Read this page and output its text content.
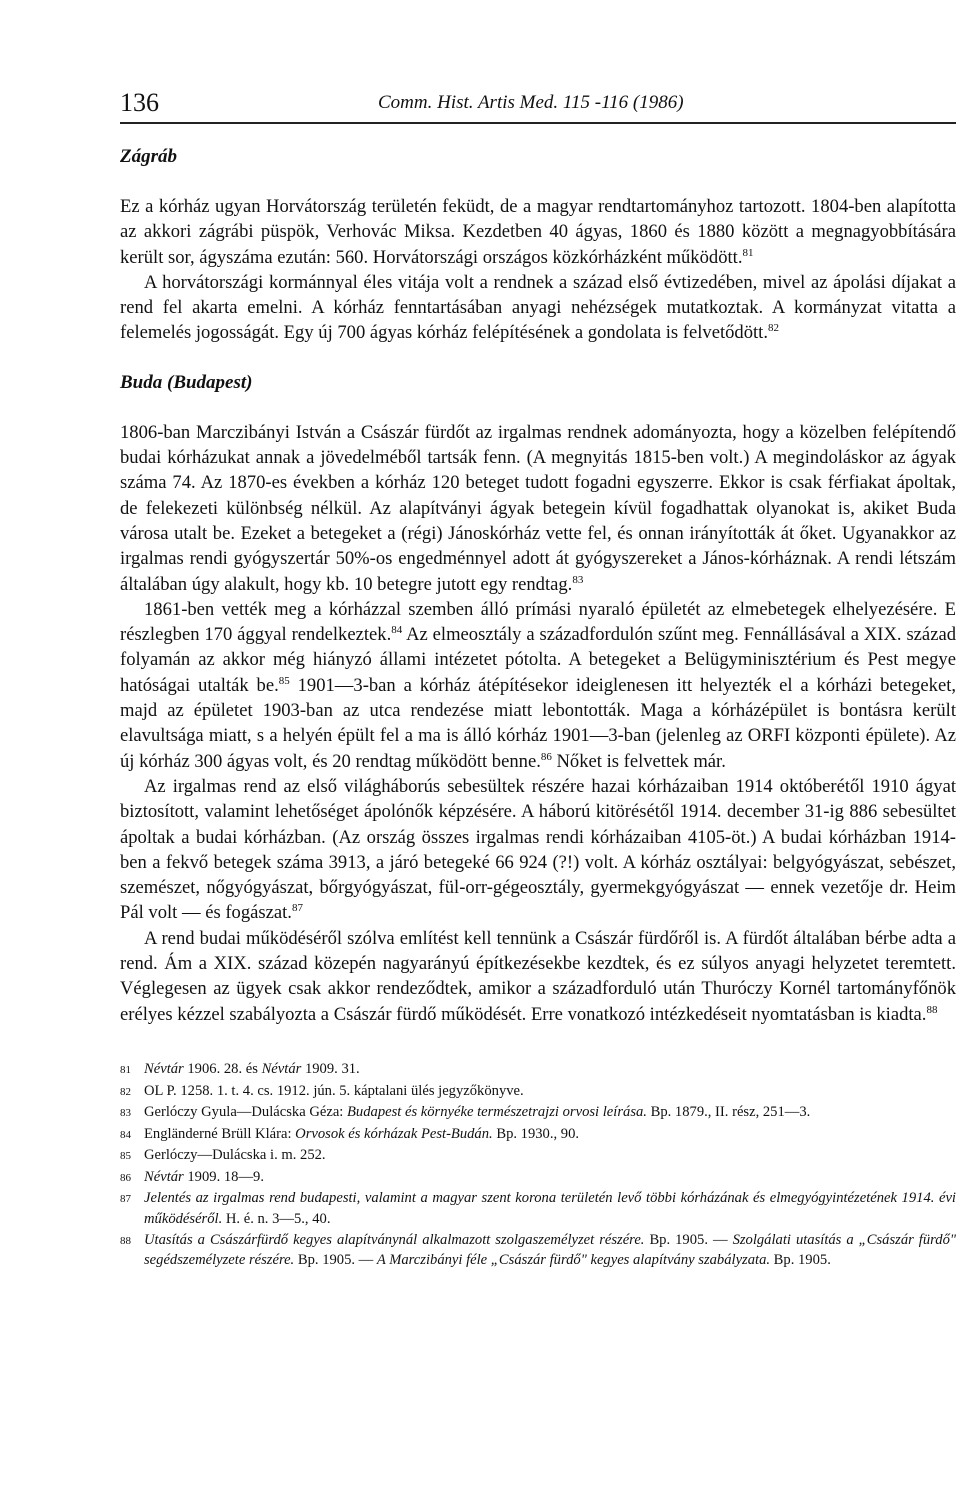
136	Comm. Hist. Artis Med. 115 -116 (1986)
Zágráb

Ez a kórház ugyan Horvátország területén feküdt, de a magyar rendtartományhoz tartozott. 1804-ben alapította az akkori zágrábi püspök, Verhovác Miksa. Kezdetben 40 ágyas, 1860 és 1880 között a megnagyobbítására került sor, ágyszáma ezután: 560. Horvátországi országos közkórházként működött.$^{81}$

A horvátországi kormánnyal éles vitája volt a rendnek a század első évtizedében, mivel az ápolási díjakat a rend fel akarta emelni. A kórház fenntartásában anyagi nehézségek mutatkoztak. A kormányzat vitatta a felemelés jogosságát. Egy új 700 ágyas kórház felépítésének a gondolata is felvetődött.$^{82}$

Buda (Budapest)

1806-ban Marczibányi István a Császár fürdőt az irgalmas rendnek adományozta, hogy a közelben felépítendő budai kórházukat annak a jövedelméből tartsák fenn. (A megnyitás 1815-ben volt.) A megindoláskor az ágyak száma 74. Az 1870-es években a kórház 120 beteget tudott fogadni egyszerre. Ekkor is csak férfiakat ápoltak, de felekezeti különbség nélkül. Az alapítványi ágyak betegein kívül fogadhattak olyanokat is, akiket Buda városa utalt be. Ezeket a betegeket a (régi) Jánoskórház vette fel, és onnan irányították át őket. Ugyanakkor az irgalmas rendi gyógyszertár 50%-os engedménnyel adott át gyógyszereket a János-kórháznak. A rendi létszám általában úgy alakult, hogy kb. 10 betegre jutott egy rendtag.$^{83}$

1861-ben vették meg a kórházzal szemben álló prímási nyaraló épületét az elmebetegek elhelyezésére. E részlegben 170 ággyal rendelkeztek.$^{84}$ Az elmeosztály a századfordulón szűnt meg. Fennállásával a XIX. század folyamán az akkor még hiányzó állami intézetet pótolta. A betegeket a Belügyminisztérium és Pest megye hatóságai utalták be.$^{85}$ 1901—3-ban a kórház átépítésekor ideiglenesen itt helyezték el a kórházi betegeket, majd az épületet 1903-ban az utca rendezése miatt lebontották. Maga a kórházépület is bontásra került elavultsága miatt, s a helyén épült fel a ma is álló kórház 1901—3-ban (jelenleg az ORFI központi épülete). Az új kórház 300 ágyas volt, és 20 rendtag működött benne.$^{86}$ Nőket is felvettek már.

Az irgalmas rend az első világháborús sebesültek részére hazai kórházaiban 1914 októberétől 1910 ágyat biztosított, valamint lehetőséget ápolónők képzésére. A háború kitörésétől 1914. december 31-ig 886 sebesültet ápoltak a budai kórházban. (Az ország összes irgalmas rendi kórházaiban 4105-öt.) A budai kórházban 1914-ben a fekvő betegek száma 3913, a járó betegeké 66 924 (?!) volt. A kórház osztályai: belgyógyászat, sebészet, szemészet, nőgyógyászat, bőrgyógyászat, fül-orr-gégeosztály, gyermekgyógyászat — ennek vezetője dr. Heim Pál volt — és fogászat.$^{87}$

A rend budai működéséről szólva említést kell tennünk a Császár fürdőről is. A fürdőt általában bérbe adta a rend. Ám a XIX. század közepén nagyarányú építkezésekbe kezdtek, és ez súlyos anyagi helyzetet teremtett. Véglegesen az ügyek csak akkor rendeződtek, amikor a századforduló után Thuróczy Kornél tartományfőnök erélyes kézzel szabályozta a Császár fürdő működését. Erre vonatkozó intézkedéseit nyomtatásban is kiadta.$^{88}$

81 Névtár 1906. 28. és Névtár 1909. 31.
82 OL P. 1258. 1. t. 4. cs. 1912. jún. 5. káptalani ülés jegyzőkönyve.
83 Gerlóczy Gyula—Dulácska Géza: Budapest és környéke természetrajzi orvosi leírása. Bp. 1879., II. rész, 251—3.
84 Engländerné Brüll Klára: Orvosok és kórházak Pest-Budán. Bp. 1930., 90.
85 Gerlóczy—Dulácska i. m. 252.
86 Névtár 1909. 18—9.
87 Jelentés az irgalmas rend budapesti, valamint a magyar szent korona területén levő többi kórházának és elmegyógyintézetének 1914. évi működéséről. H. é. n. 3—5., 40.
88 Utasítás a Császárfürdő kegyes alapítványnál alkalmazott szolgaszemélyzet részére. Bp. 1905. — Szolgálati utasítás a „Császár fürdő" segédszemélyzete részére. Bp. 1905. — A Marczibányi féle „Császár fürdő" kegyes alapítvány szabályzata. Bp. 1905.
